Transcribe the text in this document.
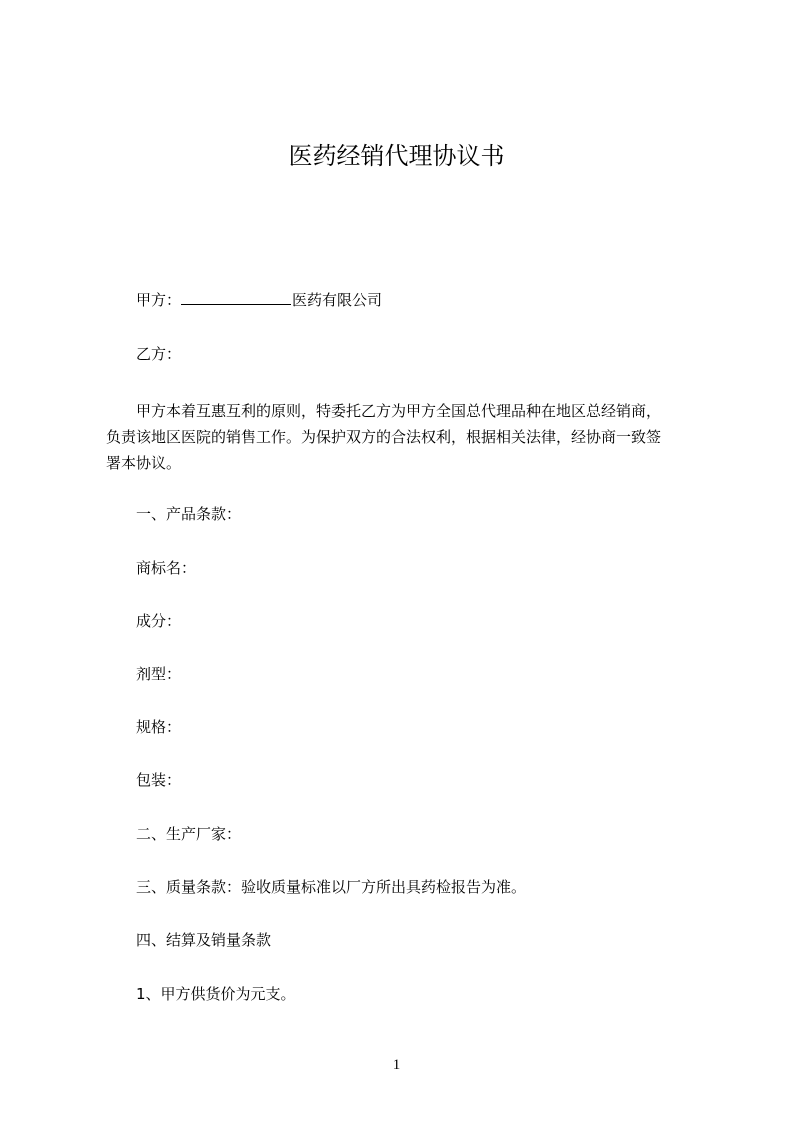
医药经销代理协议书
甲方：	医药有限公司
乙方：
　　甲方本着互惠互利的原则，特委托乙方为甲方全国总代理品种在地区总经销商，
负责该地区医院的销售工作。为保护双方的合法权利，根据相关法律，经协商一致签
署本协议。
一、产品条款：
商标名：
成分：
剂型：
规格：
包装：
二、生产厂家：
三、质量条款：验收质量标准以厂方所出具药检报告为准。
四、结算及销量条款
1、甲方供货价为元支。
1
